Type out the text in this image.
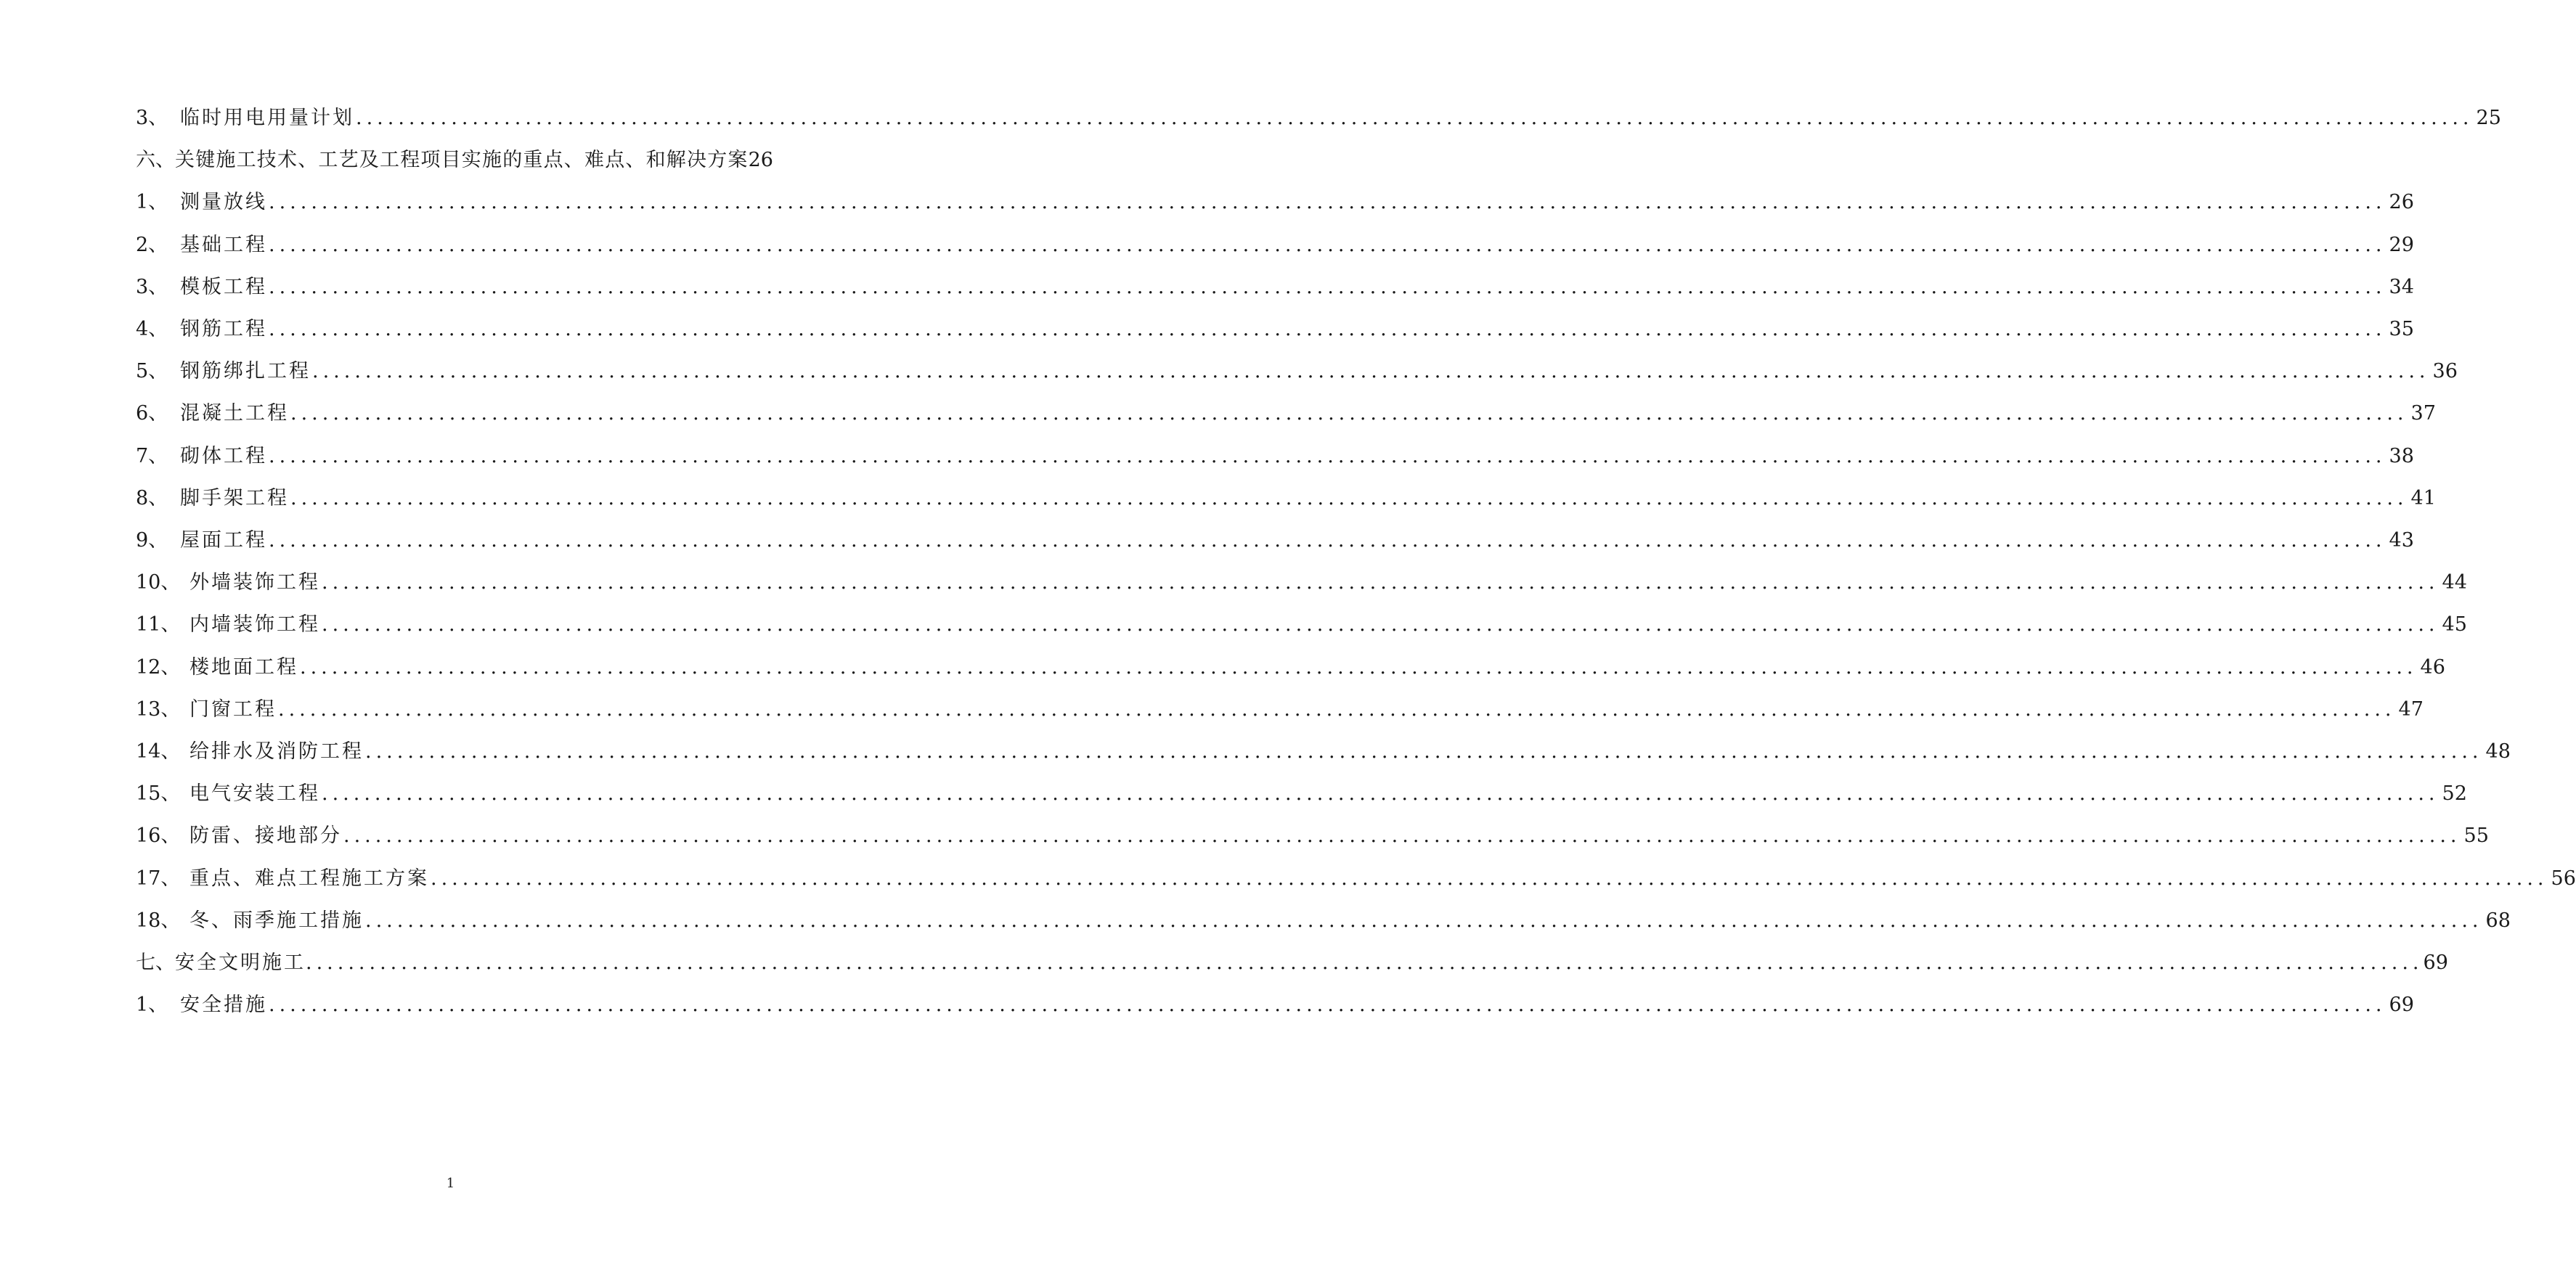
3、 临时用电用量计划 ........................................................................................................................................................................................................ 25
六、 关键施工技术、工艺及工程项目实施的重点、难点、和解决方案 26
1、 测量放线 ........................................................................................................................................................................................................ 26
2、 基础工程 ........................................................................................................................................................................................................ 29
3、 模板工程 ........................................................................................................................................................................................................ 34
4、 钢筋工程 ........................................................................................................................................................................................................ 35
5、 钢筋绑扎工程 ........................................................................................................................................................................................................ 36
6、 混凝土工程 ........................................................................................................................................................................................................ 37
7、 砌体工程 ........................................................................................................................................................................................................ 38
8、 脚手架工程 ........................................................................................................................................................................................................ 41
9、 屋面工程 ........................................................................................................................................................................................................ 43
10、 外墙装饰工程 ........................................................................................................................................................................................................ 44
11、 内墙装饰工程 ........................................................................................................................................................................................................ 45
12、 楼地面工程 ........................................................................................................................................................................................................ 46
13、 门窗工程 ........................................................................................................................................................................................................ 47
14、 给排水及消防工程 ........................................................................................................................................................................................................ 48
15、 电气安装工程 ........................................................................................................................................................................................................ 52
16、 防雷、接地部分 ........................................................................................................................................................................................................ 55
17、 重点、难点工程施工方案 ........................................................................................................................................................................................................ 56
18、 冬、雨季施工措施 ........................................................................................................................................................................................................ 68
七、 安全文明施工 ........................................................................................................................................................................................................ 69
1、 安全措施 ........................................................................................................................................................................................................ 69
1
